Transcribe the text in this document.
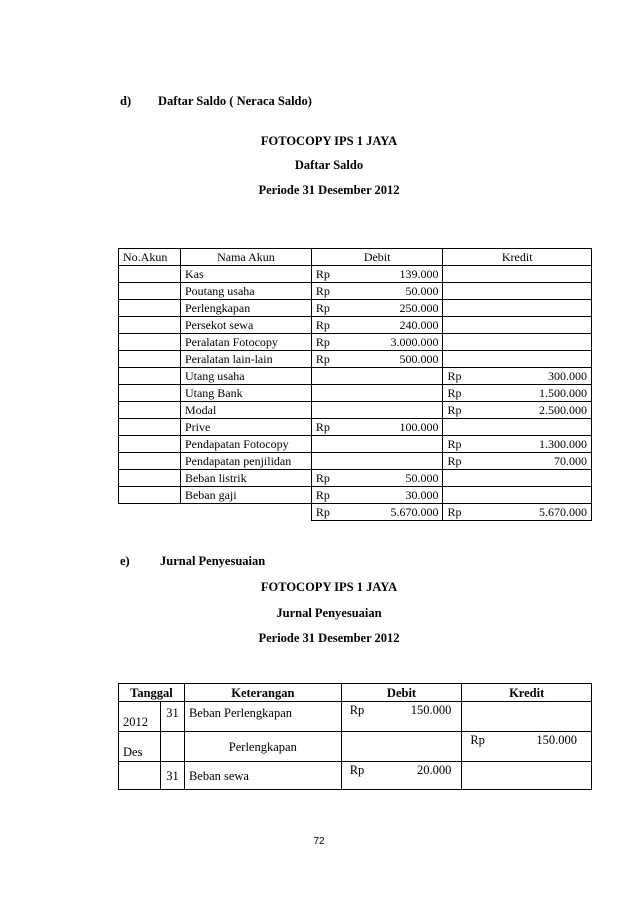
d) Daftar Saldo ( Neraca Saldo)
FOTOCOPY IPS 1 JAYA
Daftar Saldo
Periode 31 Desember 2012
No.Akun	Nama Akun	Debit	Kredit
	Kas	Rp 139.000	

	Poutang usaha	Rp 50.000	

	Perlengkapan	Rp 250.000	

	Persekot sewa	Rp 240.000	

	Peralatan Fotocopy	Rp 3.000.000	

	Peralatan lain-lain	Rp 500.000	

	Utang usaha		Rp 300.000

	Utang Bank		Rp 1.500.000

	Modal		Rp 2.500.000

	Prive	Rp 100.000	

	Pendapatan Fotocopy		Rp 1.300.000

	Pendapatan penjilidan		Rp 70.000

	Beban listrik	Rp 50.000	

	Beban gaji	Rp 30.000	

		Rp 5.670.000	Rp 5.670.000
e) Jurnal Penyesuaian
FOTOCOPY IPS 1 JAYA
Jurnal Penyesuaian
Periode 31 Desember 2012
Tanggal		Keterangan	Debit	Kredit
2012	31	Beban Perlengkapan	Rp 150.000	

Des		Perlengkapan		Rp 150.000

	31	Beban sewa	Rp 20.000	

72
